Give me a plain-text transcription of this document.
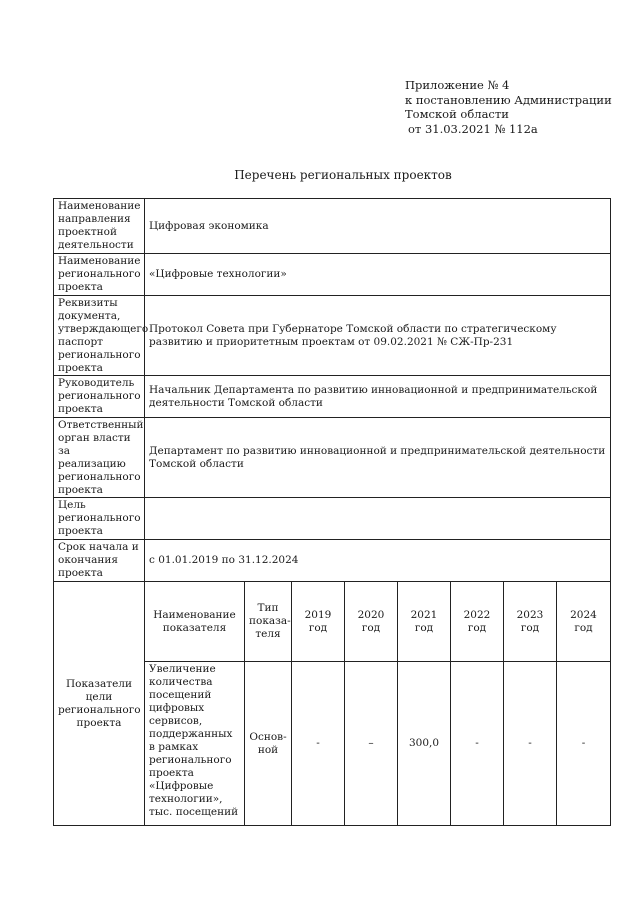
Приложение № 4
к постановлению Администрации
Томской области
от 31.03.2021 № 112а
Перечень региональных проектов
Наименование направления проектной деятельности	Цифровая экономика							
Наименование регионального проекта	«Цифровые технологии»							
Реквизиты документа, утверждающего паспорт регионального проекта	Протокол Совета при Губернаторе Томской области по стратегическому развитию и приоритетным проектам от 09.02.2021 № СЖ-Пр-231							
Руководитель регионального проекта	Начальник Департамента по развитию инновационной и предпринимательской деятельности Томской области							
Ответственный орган власти за реализацию регионального проекта	Департамент по развитию инновационной и предпринимательской деятельности Томской области							
Цель регионального проекта								
Срок начала и окончания проекта	с 01.01.2019 по 31.12.2024							
Показатели цели регионального проекта	Наименование показателя	Тип показа-теля	2019 год	2020 год	2021 год	2022 год	2023 год	2024 год
	Увеличение количества посещений цифровых сервисов, поддержанных в рамках регионального проекта «Цифровые технологии», тыс. посещений	Основ-ной	-	–	300,0	-	-	-
